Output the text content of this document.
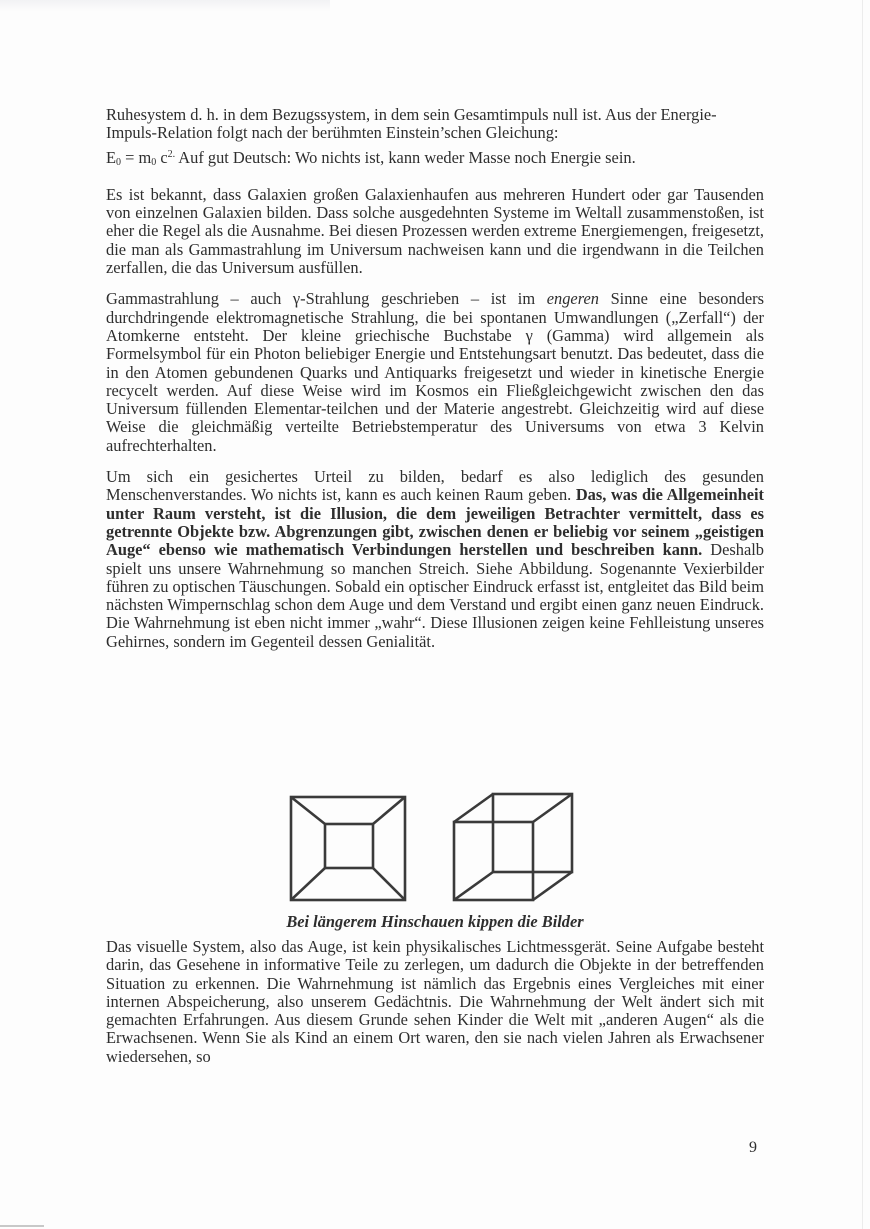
Ruhesystem d. h. in dem Bezugssystem, in dem sein Gesamtimpuls null ist. Aus der Energie-Impuls-Relation folgt nach der berühmten Einstein’schen Gleichung:

$E_0 = m_0$ $c^{2.}$ Auf gut Deutsch: Wo nichts ist, kann weder Masse noch Energie sein.

Es ist bekannt, dass Galaxien großen Galaxienhaufen aus mehreren Hundert oder gar Tausenden von einzelnen Galaxien bilden. Dass solche ausgedehnten Systeme im Weltall zusammenstoßen, ist eher die Regel als die Ausnahme. Bei diesen Prozessen werden extreme Energiemengen, freigesetzt, die man als Gammastrahlung im Universum nachweisen kann und die irgendwann in die Teilchen zerfallen, die das Universum ausfüllen.

Gammastrahlung – auch γ-Strahlung geschrieben – ist im engeren Sinne eine besonders durchdringende elektromagnetische Strahlung, die bei spontanen Umwandlungen („Zerfall“) der Atomkerne entsteht. Der kleine griechische Buchstabe γ (Gamma) wird allgemein als Formelsymbol für ein Photon beliebiger Energie und Entstehungsart benutzt. Das bedeutet, dass die in den Atomen gebundenen Quarks und Antiquarks freigesetzt und wieder in kinetische Energie recycelt werden. Auf diese Weise wird im Kosmos ein Fließgleichgewicht zwischen den das Universum füllenden Elementar-teilchen und der Materie angestrebt. Gleichzeitig wird auf diese Weise die gleichmäßig verteilte Betriebstemperatur des Universums von etwa 3 Kelvin aufrechterhalten.

Um sich ein gesichertes Urteil zu bilden, bedarf es also lediglich des gesunden Menschenverstandes. Wo nichts ist, kann es auch keinen Raum geben. Das, was die Allgemeinheit unter Raum versteht, ist die Illusion, die dem jeweiligen Betrachter vermittelt, dass es getrennte Objekte bzw. Abgrenzungen gibt, zwischen denen er beliebig vor seinem „geistigen Auge“ ebenso wie mathematisch Verbindungen herstellen und beschreiben kann. Deshalb spielt uns unsere Wahrnehmung so manchen Streich. Siehe Abbildung. Sogenannte Vexierbilder führen zu optischen Täuschungen. Sobald ein optischer Eindruck erfasst ist, entgleitet das Bild beim nächsten Wimpernschlag schon dem Auge und dem Verstand und ergibt einen ganz neuen Eindruck. Die Wahrnehmung ist eben nicht immer „wahr“. Diese Illusionen zeigen keine Fehlleistung unseres Gehirnes, sondern im Gegenteil dessen Genialität.

Bei längerem Hinschauen kippen die Bilder

Das visuelle System, also das Auge, ist kein physikalisches Lichtmessgerät. Seine Aufgabe besteht darin, das Gesehene in informative Teile zu zerlegen, um dadurch die Objekte in der betreffenden Situation zu erkennen. Die Wahrnehmung ist nämlich das Ergebnis eines Vergleiches mit einer internen Abspeicherung, also unserem Gedächtnis. Die Wahrnehmung der Welt ändert sich mit gemachten Erfahrungen. Aus diesem Grunde sehen Kinder die Welt mit „anderen Augen“ als die Erwachsenen. Wenn Sie als Kind an einem Ort waren, den sie nach vielen Jahren als Erwachsener wiedersehen, so

9
